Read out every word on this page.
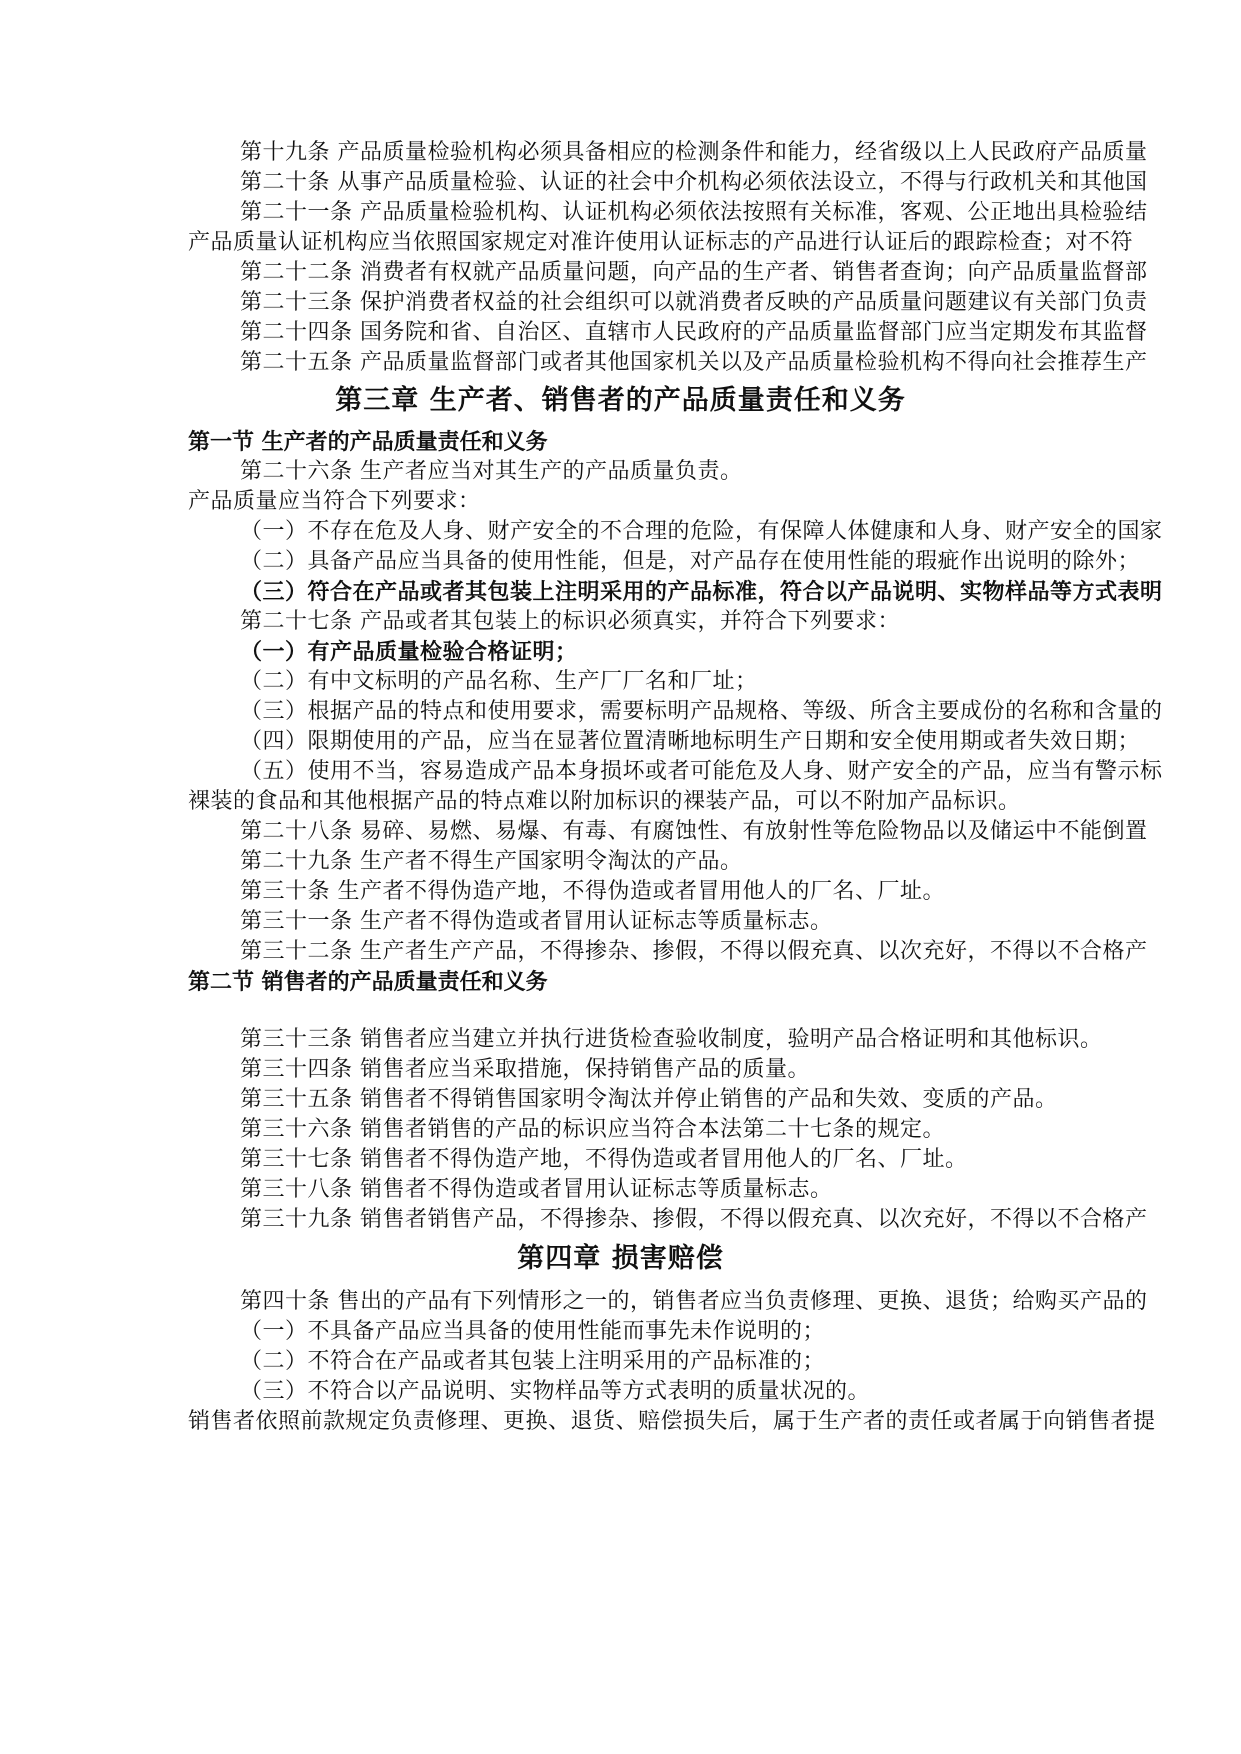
第十九条 产品质量检验机构必须具备相应的检测条件和能力，经省级以上人民政府产品质量
第二十条 从事产品质量检验、认证的社会中介机构必须依法设立，不得与行政机关和其他国
第二十一条 产品质量检验机构、认证机构必须依法按照有关标准，客观、公正地出具检验结
产品质量认证机构应当依照国家规定对准许使用认证标志的产品进行认证后的跟踪检查；对不符
第二十二条 消费者有权就产品质量问题，向产品的生产者、销售者查询；向产品质量监督部
第二十三条 保护消费者权益的社会组织可以就消费者反映的产品质量问题建议有关部门负责
第二十四条 国务院和省、自治区、直辖市人民政府的产品质量监督部门应当定期发布其监督
第二十五条 产品质量监督部门或者其他国家机关以及产品质量检验机构不得向社会推荐生产
第三章 生产者、销售者的产品质量责任和义务
第一节 生产者的产品质量责任和义务
第二十六条 生产者应当对其生产的产品质量负责。
产品质量应当符合下列要求：
（一）不存在危及人身、财产安全的不合理的危险，有保障人体健康和人身、财产安全的国家
（二）具备产品应当具备的使用性能，但是，对产品存在使用性能的瑕疵作出说明的除外；
（三）符合在产品或者其包装上注明采用的产品标准，符合以产品说明、实物样品等方式表明
第二十七条 产品或者其包装上的标识必须真实，并符合下列要求：
（一）有产品质量检验合格证明；
（二）有中文标明的产品名称、生产厂厂名和厂址；
（三）根据产品的特点和使用要求，需要标明产品规格、等级、所含主要成份的名称和含量的
（四）限期使用的产品，应当在显著位置清晰地标明生产日期和安全使用期或者失效日期；
（五）使用不当，容易造成产品本身损坏或者可能危及人身、财产安全的产品，应当有警示标
裸装的食品和其他根据产品的特点难以附加标识的裸装产品，可以不附加产品标识。
第二十八条 易碎、易燃、易爆、有毒、有腐蚀性、有放射性等危险物品以及储运中不能倒置
第二十九条 生产者不得生产国家明令淘汰的产品。
第三十条 生产者不得伪造产地，不得伪造或者冒用他人的厂名、厂址。
第三十一条 生产者不得伪造或者冒用认证标志等质量标志。
第三十二条 生产者生产产品，不得掺杂、掺假，不得以假充真、以次充好，不得以不合格产
第二节 销售者的产品质量责任和义务
第三十三条 销售者应当建立并执行进货检查验收制度，验明产品合格证明和其他标识。
第三十四条 销售者应当采取措施，保持销售产品的质量。
第三十五条 销售者不得销售国家明令淘汰并停止销售的产品和失效、变质的产品。
第三十六条 销售者销售的产品的标识应当符合本法第二十七条的规定。
第三十七条 销售者不得伪造产地，不得伪造或者冒用他人的厂名、厂址。
第三十八条 销售者不得伪造或者冒用认证标志等质量标志。
第三十九条 销售者销售产品，不得掺杂、掺假，不得以假充真、以次充好，不得以不合格产
第四章 损害赔偿
第四十条 售出的产品有下列情形之一的，销售者应当负责修理、更换、退货；给购买产品的
（一）不具备产品应当具备的使用性能而事先未作说明的；
（二）不符合在产品或者其包装上注明采用的产品标准的；
（三）不符合以产品说明、实物样品等方式表明的质量状况的。
销售者依照前款规定负责修理、更换、退货、赔偿损失后，属于生产者的责任或者属于向销售者提
